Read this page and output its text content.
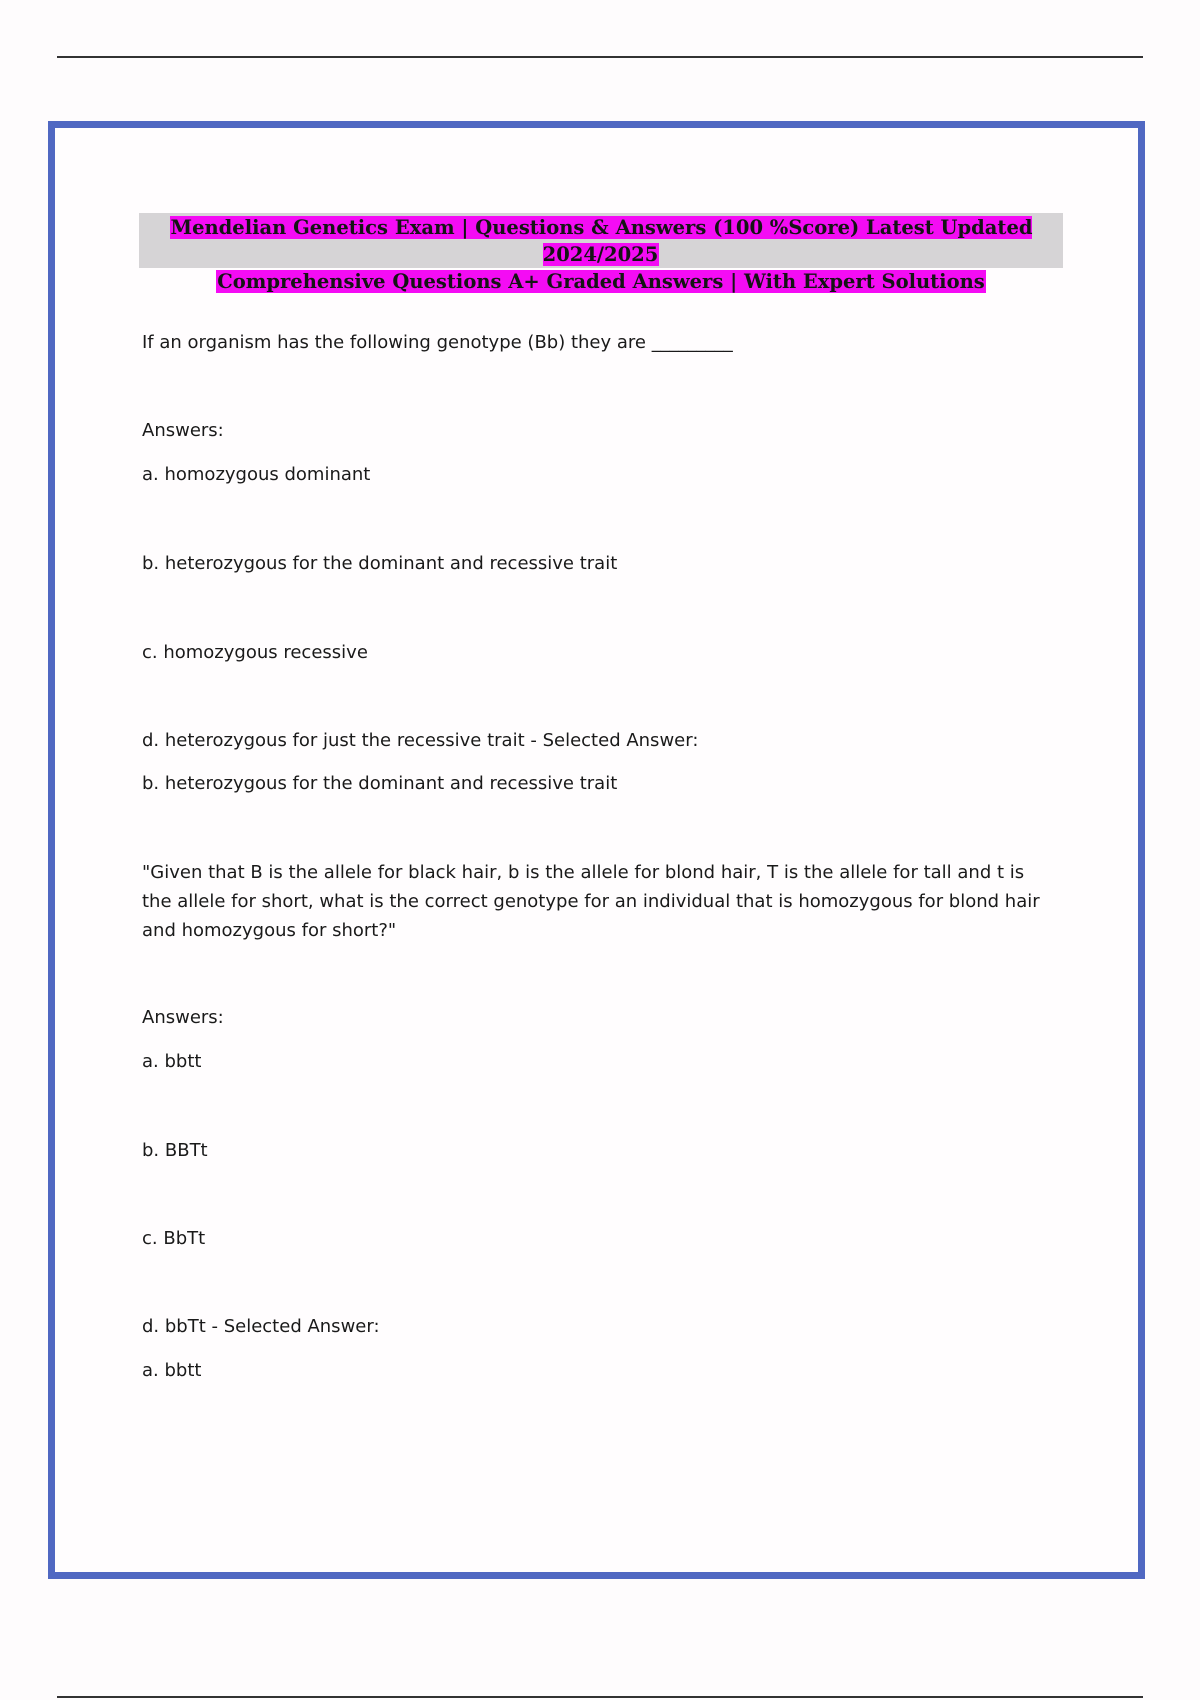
Mendelian Genetics Exam | Questions & Answers (100 %Score) Latest Updated 2024/2025
Comprehensive Questions A+ Graded Answers | With Expert Solutions

If an organism has the following genotype (Bb) they are _________

Answers:

a. homozygous dominant

b. heterozygous for the dominant and recessive trait

c. homozygous recessive

d. heterozygous for just the recessive trait - Selected Answer:

b. heterozygous for the dominant and recessive trait

"Given that B is the allele for black hair, b is the allele for blond hair, T is the allele for tall and t is the allele for short, what is the correct genotype for an individual that is homozygous for blond hair and homozygous for short?"

Answers:

a. bbtt

b. BBTt

c. BbTt

d. bbTt - Selected Answer:

a. bbtt
